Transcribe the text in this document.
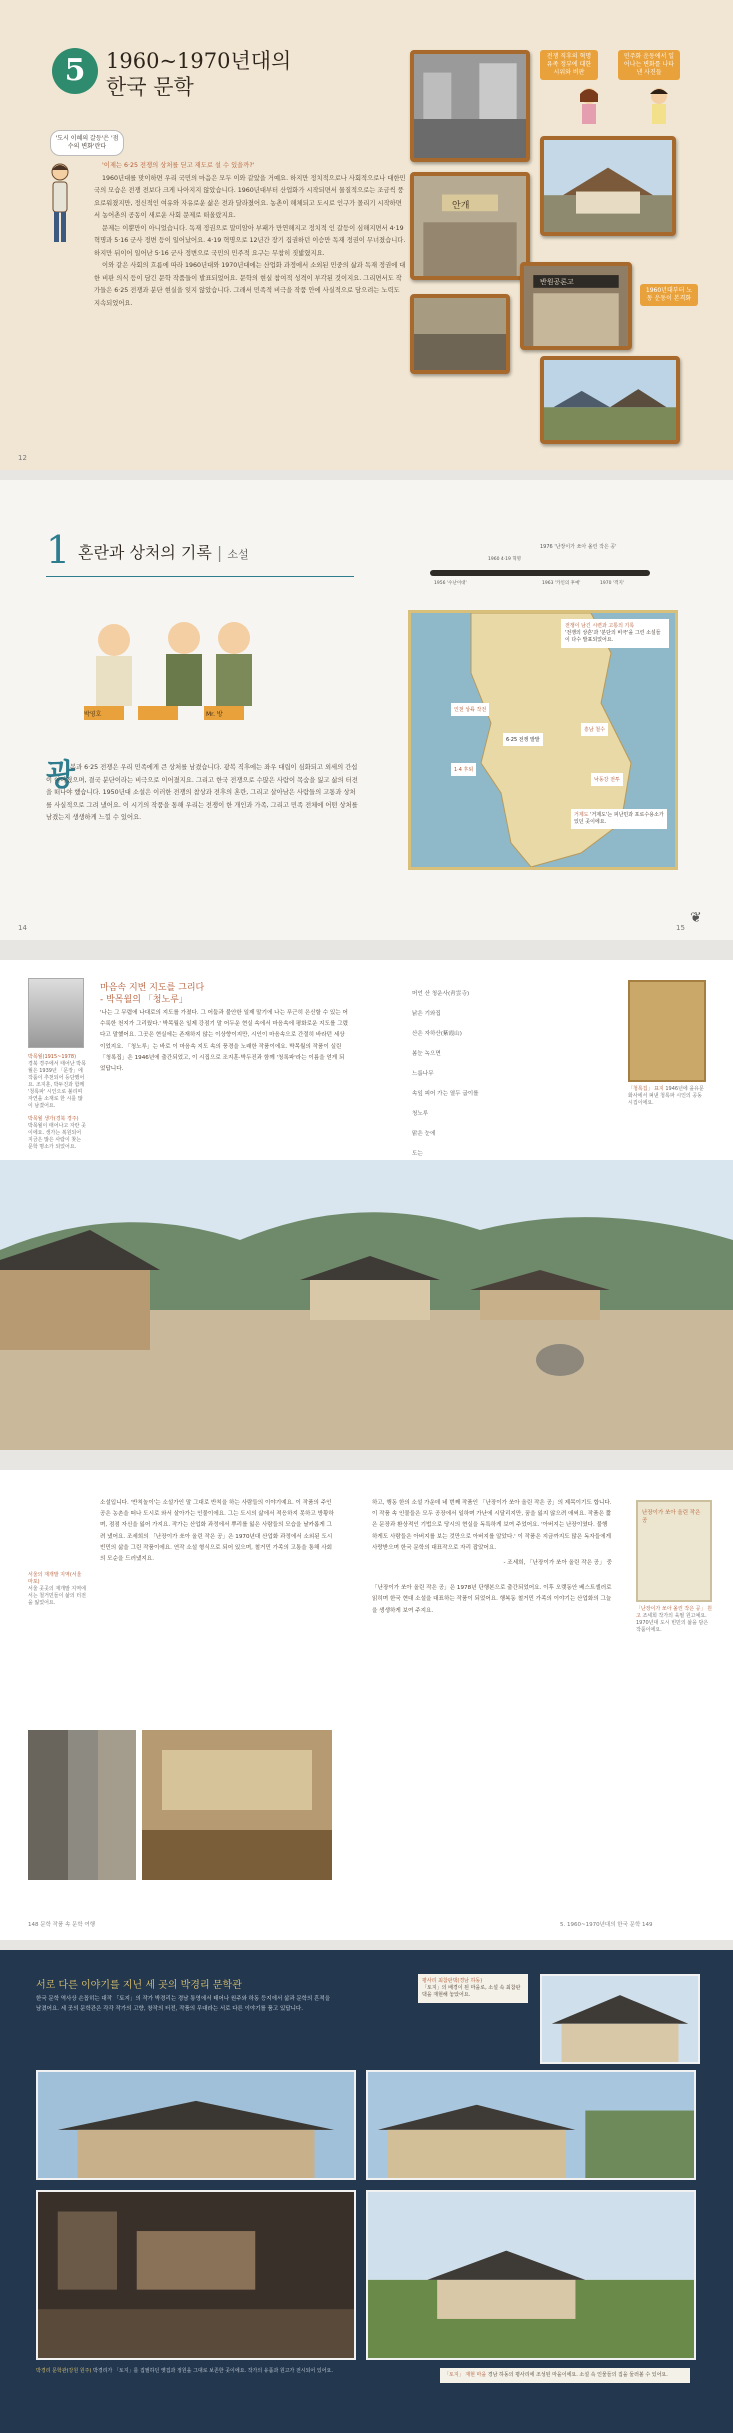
5 1960~1970년대의
한국 문학
'도시 이혜의 갈등'은 '점수의 변화'란다

'이제는 6·25 전쟁의 상처를 딛고 재도로 설 수 있을까?'

1960년대를 맞이하면 우리 국민의 마음은 모두 이와 같았을 거예요. 하지만 정치적으로나 사회적으로나 대한민국의 모습은 전쟁 전보다 크게 나아지지 않았습니다. 1960년대부터 산업화가 시작되면서 물질적으로는 조금씩 풍요로워졌지만, 정신적인 여유와 자유로운 삶은 전과 달라졌어요. 농촌이 해체되고 도시로 인구가 몰리기 시작하면서 농어촌의 공동이 새로운 사회 문제로 떠올랐지요.

문제는 이뿐만이 아니었습니다. 독재 정권으로 말미암아 부패가 만연해지고 정치적 인 갈등이 심해지면서 4·19 혁명과 5·16 군사 정변 등이 일어났어요. 4·19 혁명으로 12년간 장기 집권하던 이승만 독재 정권이 무너졌습니다. 하지만 뒤이어 일어난 5·16 군사 정변으로 국민의 민주적 요구는 무참히 짓밟혔지요.

이와 같은 사회의 흐름에 따라 1960년대와 1970년대에는 산업화 과정에서 소외된 민중의 삶과 독재 정권에 대한 비판 의식 등이 담긴 문학 작품들이 발표되었어요. 문학의 현실 참여적 성격이 부각된 것이지요. 그리면서도 작가들은 6·25 전쟁과 분단 현실을 잊지 않았습니다. 그래서 민족적 비극을 작품 안에 사실적으로 담으려는 노력도 지속되었어요.

안개
반원공론고
전쟁 직후의 혁명 유족 정부에 대한 시위와 비판
민주화 운동에서 일어나는 변화를 나타낸 사진들
1960년대부터 노동 운동이 본격화
12
1 혼란과 상처의 기록 | 소설
1976 '난장이가 쏘아 올린 작은 공'
1956 '수난이대'
1960 4·19 혁명
1963 '카인의 후예'	1970 '객지'
박영호	Mr. 방
전쟁이 남긴 시련과 고통의 기록
'전쟁의 상흔'과 '분단의 비극'을 그린 소설들이 다수 발표되었어요.
인천 상륙 작전
6·25 전쟁 발발
1·4 후퇴
흥남 철수
낙동강 전투
거제도 '거제도'는 피난민과 포로수용소가 있던 곳이에요.
광
복과 6·25 전쟁은 우리 민족에게 큰 상처를 남겼습니다. 광복 직후에는 좌우 대립이 심화되고 외세의 간섭이 이어졌으며, 결국 분단이라는 비극으로 이어졌지요. 그리고 한국 전쟁으로 수많은 사람이 목숨을 잃고 삶의 터전을 떠나야 했습니다. 1950년대 소설은 이러한 전쟁의 참상과 전후의 혼란, 그리고 살아남은 사람들의 고통과 상처를 사실적으로 그려 냈어요. 이 시기의 작품을 통해 우리는 전쟁이 한 개인과 가족, 그리고 민족 전체에 어떤 상처를 남겼는지 생생하게 느낄 수 있어요.
14	15
❦
박목월(1915~1978)
경북 경주에서 태어난 박목월은 1939년 「문장」에 작품이 추천되어 등단했어요. 조지훈, 박두진과 함께 '청록파' 시인으로 불리며 자연을 소재로 한 시를 많이 남겼어요.
박목월 생가(경북 경주)
박목월이 태어나고 자란 곳이에요. 생가는 복원되어 지금은 많은 사람이 찾는 문학 명소가 되었어요.
마음속 지번 지도를 그리다
- 박목월의 「청노루」
'나는 그 무렵에 나대로의 지도를 가졌다. 그 어둡과 불안한 일제 말기에 나는 푸근히 은신할 수 있는 어수룩한 천지가 그리웠다.' 박목월은 일제 강점기 말 어두운 현실 속에서 마음속에 평화로운 지도를 그렸다고 말했어요. 그곳은 현실에는 존재하지 않는 이상향이지만, 시인이 마음속으로 간절히 바라던 세상이었지요. 「청노루」는 바로 이 마음속 지도 속의 풍경을 노래한 작품이에요. 박목월의 작품이 실린 「청록집」은 1946년에 출간되었고, 이 시집으로 조지훈·박두진과 함께 '청록파'라는 이름을 얻게 되었답니다.
머언 산 청운사(靑雲寺)
낡은 기와집
산은 자하산(紫霞山)
봄눈 녹으면
느릅나무
속잎 피어 가는 열두 굽이를
청노루
맑은 눈에
도는
「청록집」 표지 1946년에 을유문화사에서 펴낸 청록파 시인의 공동 시집이에요.
소설입니다. '반칙놀이'는 소설가인 말 그대로 반칙을 하는 사람들의 이야기예요. 이 작품의 주인공은 농촌을 떠나 도시로 와서 살아가는 인물이에요. 그는 도시의 삶에서 적응하지 못하고 방황하며, 점점 자신을 잃어 가지요. 작가는 산업화 과정에서 뿌리를 잃은 사람들의 모습을 날카롭게 그려 냈어요. 조세희의 「난장이가 쏘아 올린 작은 공」은 1970년대 산업화 과정에서 소외된 도시 빈민의 삶을 그린 작품이에요. 연작 소설 형식으로 되어 있으며, 철거민 가족의 고통을 통해 사회의 모순을 드러냈지요.
서울의 재개발 지역(서울 마포)
서울 곳곳의 재개발 지역에서는 철거민들이 삶의 터전을 잃었어요.
하고, 행동 한의 소설 가운데 네 번째 작품인 「난장이가 쏘아 올린 작은 공」의 제목이기도 합니다. 이 작품 속 인물들은 모두 공장에서 일하며 가난에 시달리지만, 꿈을 잃지 않으려 애써요. 작품은 짧은 문장과 환상적인 기법으로 당시의 현실을 독특하게 보여 주었어요. '아버지는 난장이였다. 불행하게도 사람들은 아버지를 보는 것만으로 아버지를 알았다.' 이 작품은 지금까지도 많은 독자들에게 사랑받으며 한국 문학의 대표작으로 자리 잡았어요.
- 조세희, 「난장이가 쏘아 올린 작은 공」 중
「난장이가 쏘아 올린 작은 공」은 1978년 단행본으로 출간되었어요. 이후 오랫동안 베스트셀러로 읽히며 한국 현대 소설을 대표하는 작품이 되었어요. 행복동 철거민 가족의 이야기는 산업화의 그늘을 생생하게 보여 주지요.
난장이가 쏘아 올린 작은 공
「난장이가 쏘아 올린 작은 공」 원고 조세희 작가의 육필 원고예요. 1970년대 도시 빈민의 삶을 담은 작품이에요.
148 문학 작품 속 문학 여행	5. 1960~1970년대의 한국 문학 149
서로 다른 이야기를 지닌 세 곳의 박경리 문학관
한국 문학 역사상 손꼽히는 대작 「토지」의 작가 박경리는 경남 통영에서 태어나 원주와 하동 등지에서 삶과 문학의 흔적을 남겼어요. 세 곳의 문학관은 각각 작가의 고향, 창작의 터전, 작품의 무대라는 서로 다른 이야기를 품고 있답니다.
평사리 최참판댁(경남 하동)
「토지」의 배경이 된 마을로, 소설 속 최참판댁을 재현해 놓았어요.
박경리 문학관(강원 원주) 박경리가 「토지」를 집필하던 옛집과 정원을 그대로 보존한 곳이에요. 작가의 유품과 원고가 전시되어 있어요.
「토지」 재현 마을 경남 하동의 평사리에 조성된 마을이에요. 소설 속 인물들의 집을 둘러볼 수 있어요.
